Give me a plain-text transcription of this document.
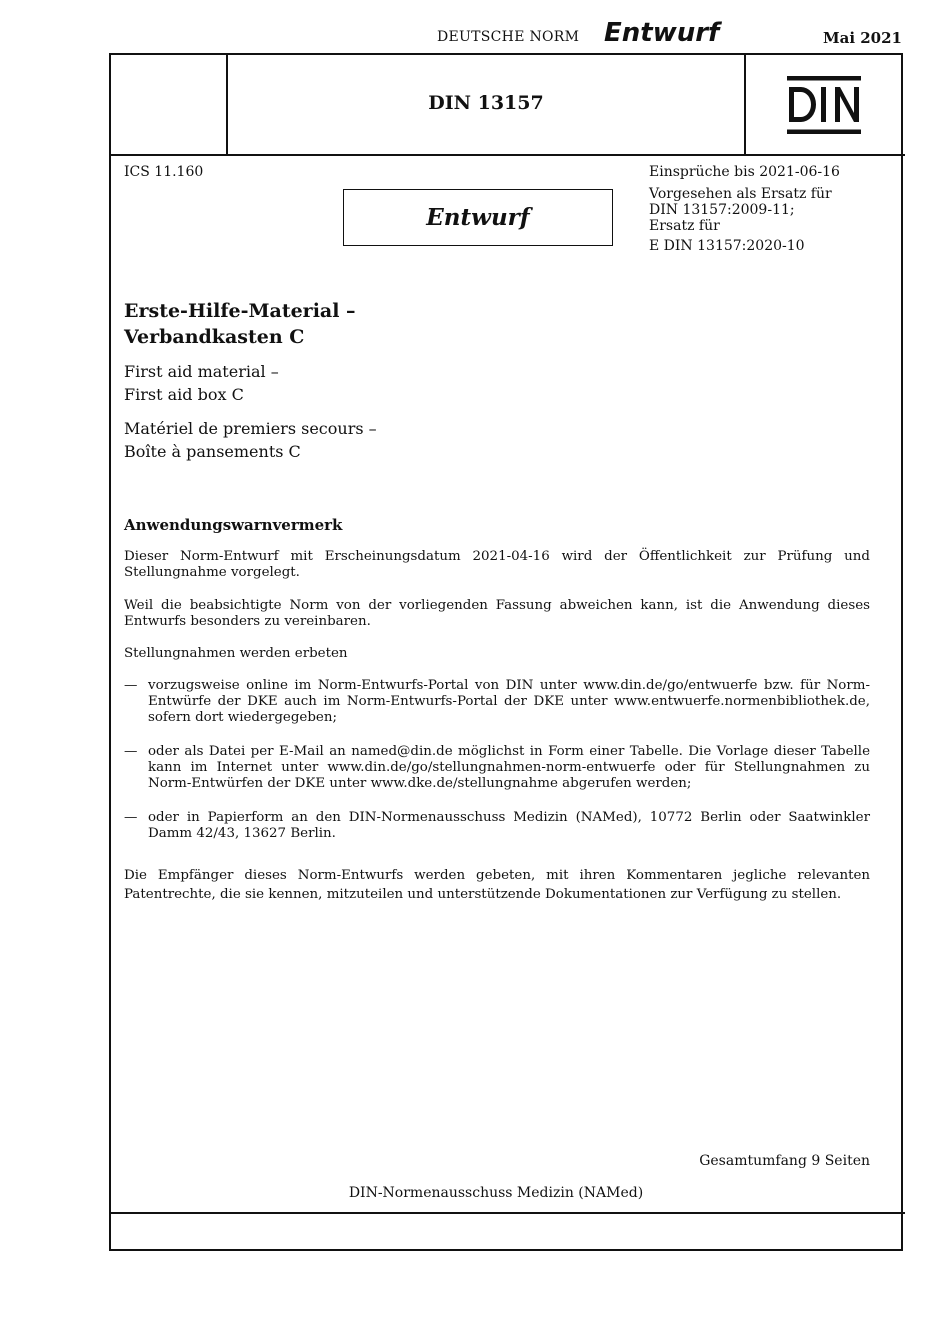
DEUTSCHE NORM Entwurf	Mai 2021
DIN 13157
ICS 11.160	Einsprüche bis 2021-06-16
Vorgesehen als Ersatz für
DIN 13157:2009-11;
Ersatz für
E DIN 13157:2020-10
Entwurf
Erste-Hilfe-Material –
Verbandkasten C
First aid material –
First aid box C
Matériel de premiers secours –
Boîte à pansements C
Anwendungswarnvermerk
Dieser Norm-Entwurf mit Erscheinungsdatum 2021-04-16 wird der Öffentlichkeit zur Prüfung und Stellungnahme vorgelegt.
Weil die beabsichtigte Norm von der vorliegenden Fassung abweichen kann, ist die Anwendung dieses Entwurfs besonders zu vereinbaren.
Stellungnahmen werden erbeten
— vorzugsweise online im Norm-Entwurfs-Portal von DIN unter www.din.de/go/entwuerfe bzw. für Norm-Entwürfe der DKE auch im Norm-Entwurfs-Portal der DKE unter www.entwuerfe.normenbibliothek.de, sofern dort wiedergegeben;
— oder als Datei per E-Mail an named@din.de möglichst in Form einer Tabelle. Die Vorlage dieser Tabelle kann im Internet unter www.din.de/go/stellungnahmen-norm-entwuerfe oder für Stellungnahmen zu Norm-Entwürfen der DKE unter www.dke.de/stellungnahme abgerufen werden;
— oder in Papierform an den DIN-Normenausschuss Medizin (NAMed), 10772 Berlin oder Saatwinkler Damm 42/43, 13627 Berlin.
Die Empfänger dieses Norm-Entwurfs werden gebeten, mit ihren Kommentaren jegliche relevanten Patentrechte, die sie kennen, mitzuteilen und unterstützende Dokumentationen zur Verfügung zu stellen.
Gesamtumfang 9 Seiten
DIN-Normenausschuss Medizin (NAMed)
